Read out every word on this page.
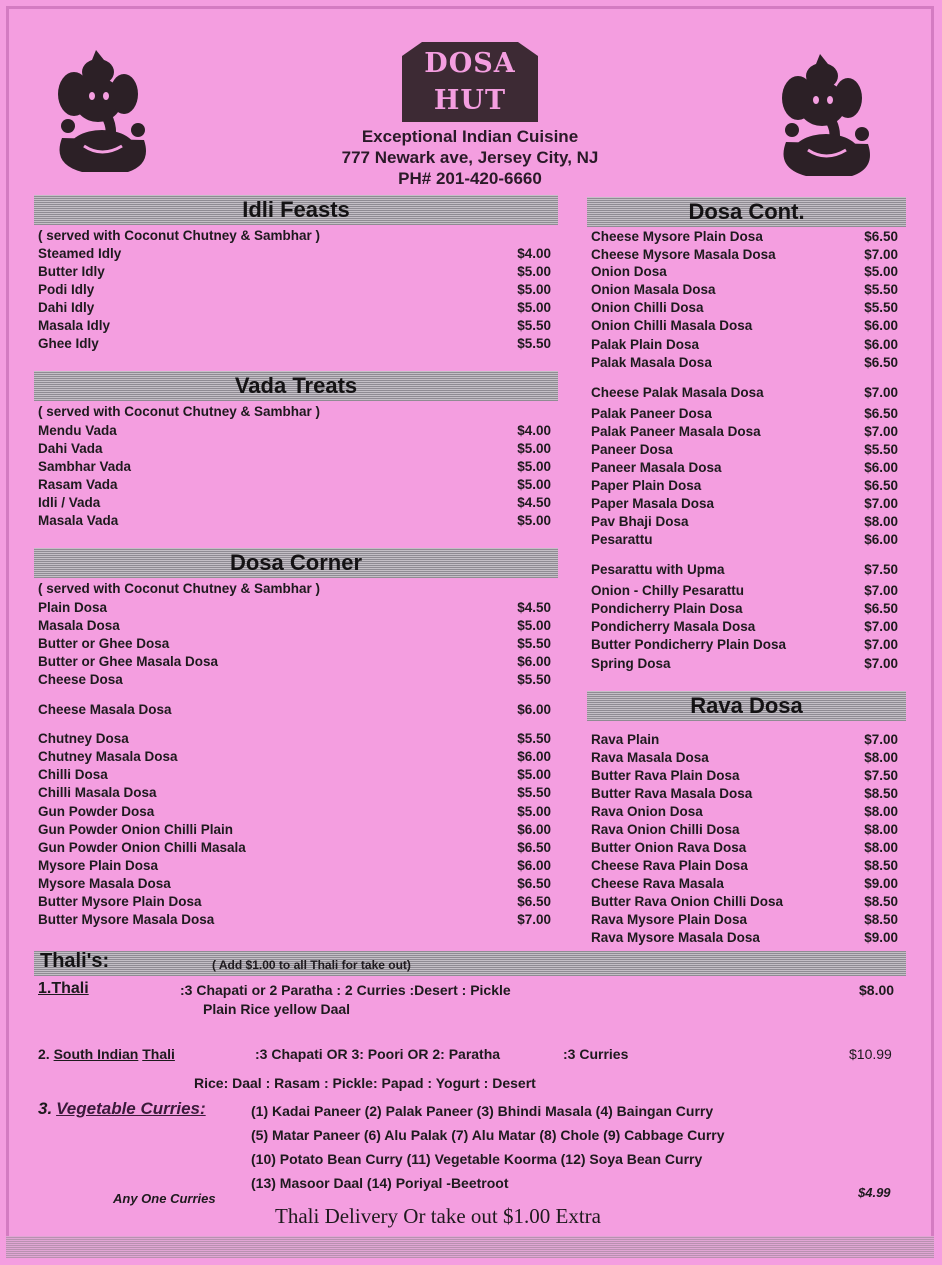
DOSA
HUT
Exceptional Indian Cuisine
777 Newark ave, Jersey City, NJ
PH# 201-420-6660
Idli Feasts
( served with Coconut Chutney & Sambhar )
Steamed Idly	$4.00
Butter Idly	$5.00
Podi Idly	$5.00
Dahi Idly	$5.00
Masala Idly	$5.50
Ghee Idly	$5.50
Vada Treats
( served with Coconut Chutney & Sambhar )
Mendu Vada	$4.00
Dahi Vada	$5.00
Sambhar Vada	$5.00
Rasam Vada	$5.00
Idli / Vada	$4.50
Masala Vada	$5.00
Dosa Corner
( served with Coconut Chutney & Sambhar )
Plain Dosa	$4.50
Masala Dosa	$5.00
Butter or Ghee Dosa	$5.50
Butter or Ghee Masala Dosa	$6.00
Cheese Dosa	$5.50
Cheese Masala Dosa	$6.00
Chutney Dosa	$5.50
Chutney Masala Dosa	$6.00
Chilli Dosa	$5.00
Chilli Masala Dosa	$5.50
Gun Powder Dosa	$5.00
Gun Powder Onion Chilli Plain	$6.00
Gun Powder Onion Chilli Masala	$6.50
Mysore Plain Dosa	$6.00
Mysore Masala Dosa	$6.50
Butter Mysore Plain Dosa	$6.50
Butter Mysore Masala Dosa	$7.00
Dosa Cont.
Cheese Mysore Plain Dosa	$6.50
Cheese Mysore Masala Dosa	$7.00
Onion Dosa	$5.00
Onion Masala Dosa	$5.50
Onion Chilli Dosa	$5.50
Onion Chilli Masala Dosa	$6.00
Palak Plain Dosa	$6.00
Palak Masala Dosa	$6.50
Cheese Palak Masala Dosa	$7.00
Palak Paneer Dosa	$6.50
Palak Paneer Masala Dosa	$7.00
Paneer Dosa	$5.50
Paneer Masala Dosa	$6.00
Paper Plain Dosa	$6.50
Paper Masala Dosa	$7.00
Pav Bhaji Dosa	$8.00
Pesarattu	$6.00
Pesarattu with Upma	$7.50
Onion - Chilly Pesarattu	$7.00
Pondicherry Plain Dosa	$6.50
Pondicherry Masala Dosa	$7.00
Butter Pondicherry Plain Dosa	$7.00
Spring Dosa	$7.00
Rava Dosa
Rava Plain	$7.00
Rava Masala Dosa	$8.00
Butter Rava Plain Dosa	$7.50
Butter Rava Masala Dosa	$8.50
Rava Onion Dosa	$8.00
Rava Onion Chilli Dosa	$8.00
Butter Onion Rava Dosa	$8.00
Cheese Rava Plain Dosa	$8.50
Cheese Rava Masala	$9.00
Butter Rava Onion Chilli Dosa	$8.50
Rava Mysore Plain Dosa	$8.50
Rava Mysore Masala Dosa	$9.00
Thali's:	( Add $1.00 to all Thali for take out)
1.Thali	:3 Chapati or 2 Paratha : 2 Curries :Desert : Pickle
Plain Rice yellow Daal
$8.00
2. South Indian Thali	:3 Chapati OR 3: Poori OR 2: Paratha	:3 Curries	$10.99
Rice: Daal : Rasam : Pickle: Papad : Yogurt : Desert
3. Vegetable Curries:	(1) Kadai Paneer (2) Palak Paneer (3) Bhindi Masala (4) Baingan Curry
(5) Matar Paneer (6) Alu Palak (7) Alu Matar (8) Chole (9) Cabbage Curry
(10) Potato Bean Curry (11) Vegetable Koorma (12) Soya Bean Curry
(13) Masoor Daal (14) Poriyal -Beetroot
Any One Curries	$4.99
Thali Delivery Or take out $1.00 Extra
